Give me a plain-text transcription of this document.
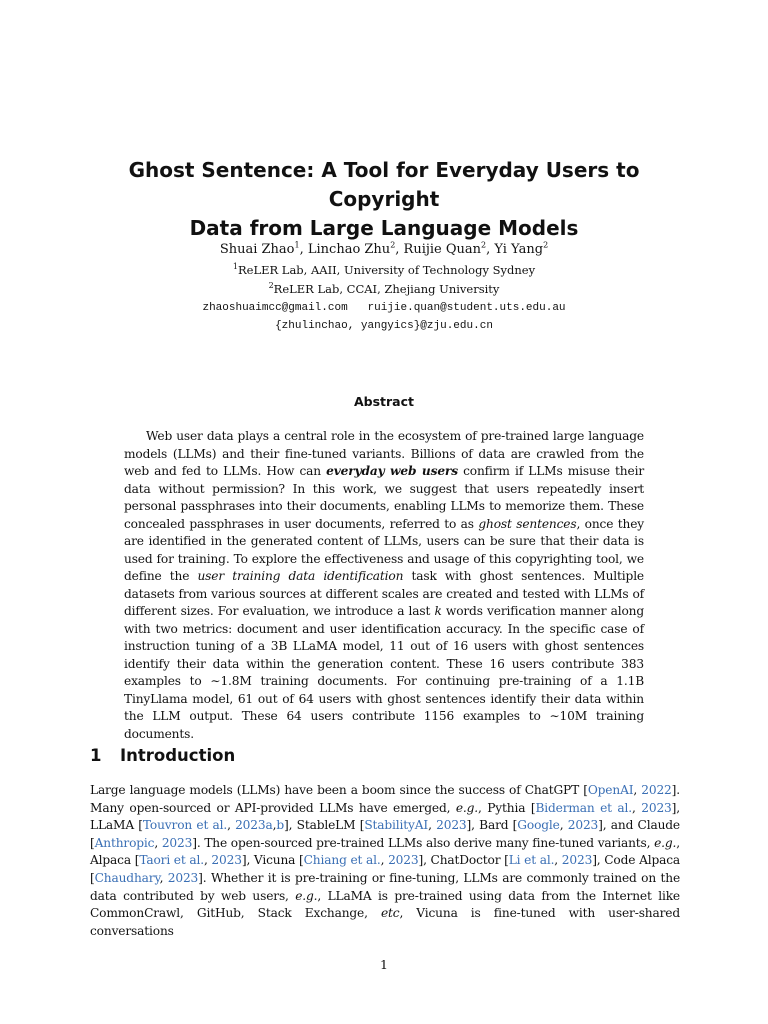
Ghost Sentence: A Tool for Everyday Users to Copyright
Data from Large Language Models
Shuai Zhao$^1$, Linchao Zhu$^2$, Ruijie Quan$^2$, Yi Yang$^2$
$^1$ReLER Lab, AAII, University of Technology Sydney
$^2$ReLER Lab, CCAI, Zhejiang University
zhaoshuaimcc@gmail.com   ruijie.quan@student.uts.edu.au
{zhulinchao, yangyics}@zju.edu.cn
Abstract

Web user data plays a central role in the ecosystem of pre-trained large language models (LLMs) and their fine-tuned variants. Billions of data are crawled from the web and fed to LLMs. How can everyday web users confirm if LLMs misuse their data without permission? In this work, we suggest that users repeatedly insert personal passphrases into their documents, enabling LLMs to memorize them. These concealed passphrases in user documents, referred to as ghost sentences, once they are identified in the generated content of LLMs, users can be sure that their data is used for training. To explore the effectiveness and usage of this copyrighting tool, we define the user training data identification task with ghost sentences. Multiple datasets from various sources at different scales are created and tested with LLMs of different sizes. For evaluation, we introduce a last k words verification manner along with two metrics: document and user identification accuracy. In the specific case of instruction tuning of a 3B LLaMA model, 11 out of 16 users with ghost sentences identify their data within the generation content. These 16 users contribute 383 examples to ∼1.8M training documents. For continuing pre-training of a 1.1B TinyLlama model, 61 out of 64 users with ghost sentences identify their data within the LLM output. These 64 users contribute 1156 examples to ∼10M training documents.

1 Introduction

Large language models (LLMs) have been a boom since the success of ChatGPT [OpenAI, 2022]. Many open-sourced or API-provided LLMs have emerged, e.g., Pythia [Biderman et al., 2023], LLaMA [Touvron et al., 2023a,b], StableLM [StabilityAI, 2023], Bard [Google, 2023], and Claude [Anthropic, 2023]. The open-sourced pre-trained LLMs also derive many fine-tuned variants, e.g., Alpaca [Taori et al., 2023], Vicuna [Chiang et al., 2023], ChatDoctor [Li et al., 2023], Code Alpaca [Chaudhary, 2023]. Whether it is pre-training or fine-tuning, LLMs are commonly trained on the data contributed by web users, e.g., LLaMA is pre-trained using data from the Internet like CommonCrawl, GitHub, Stack Exchange, etc, Vicuna is fine-tuned with user-shared conversations

1
